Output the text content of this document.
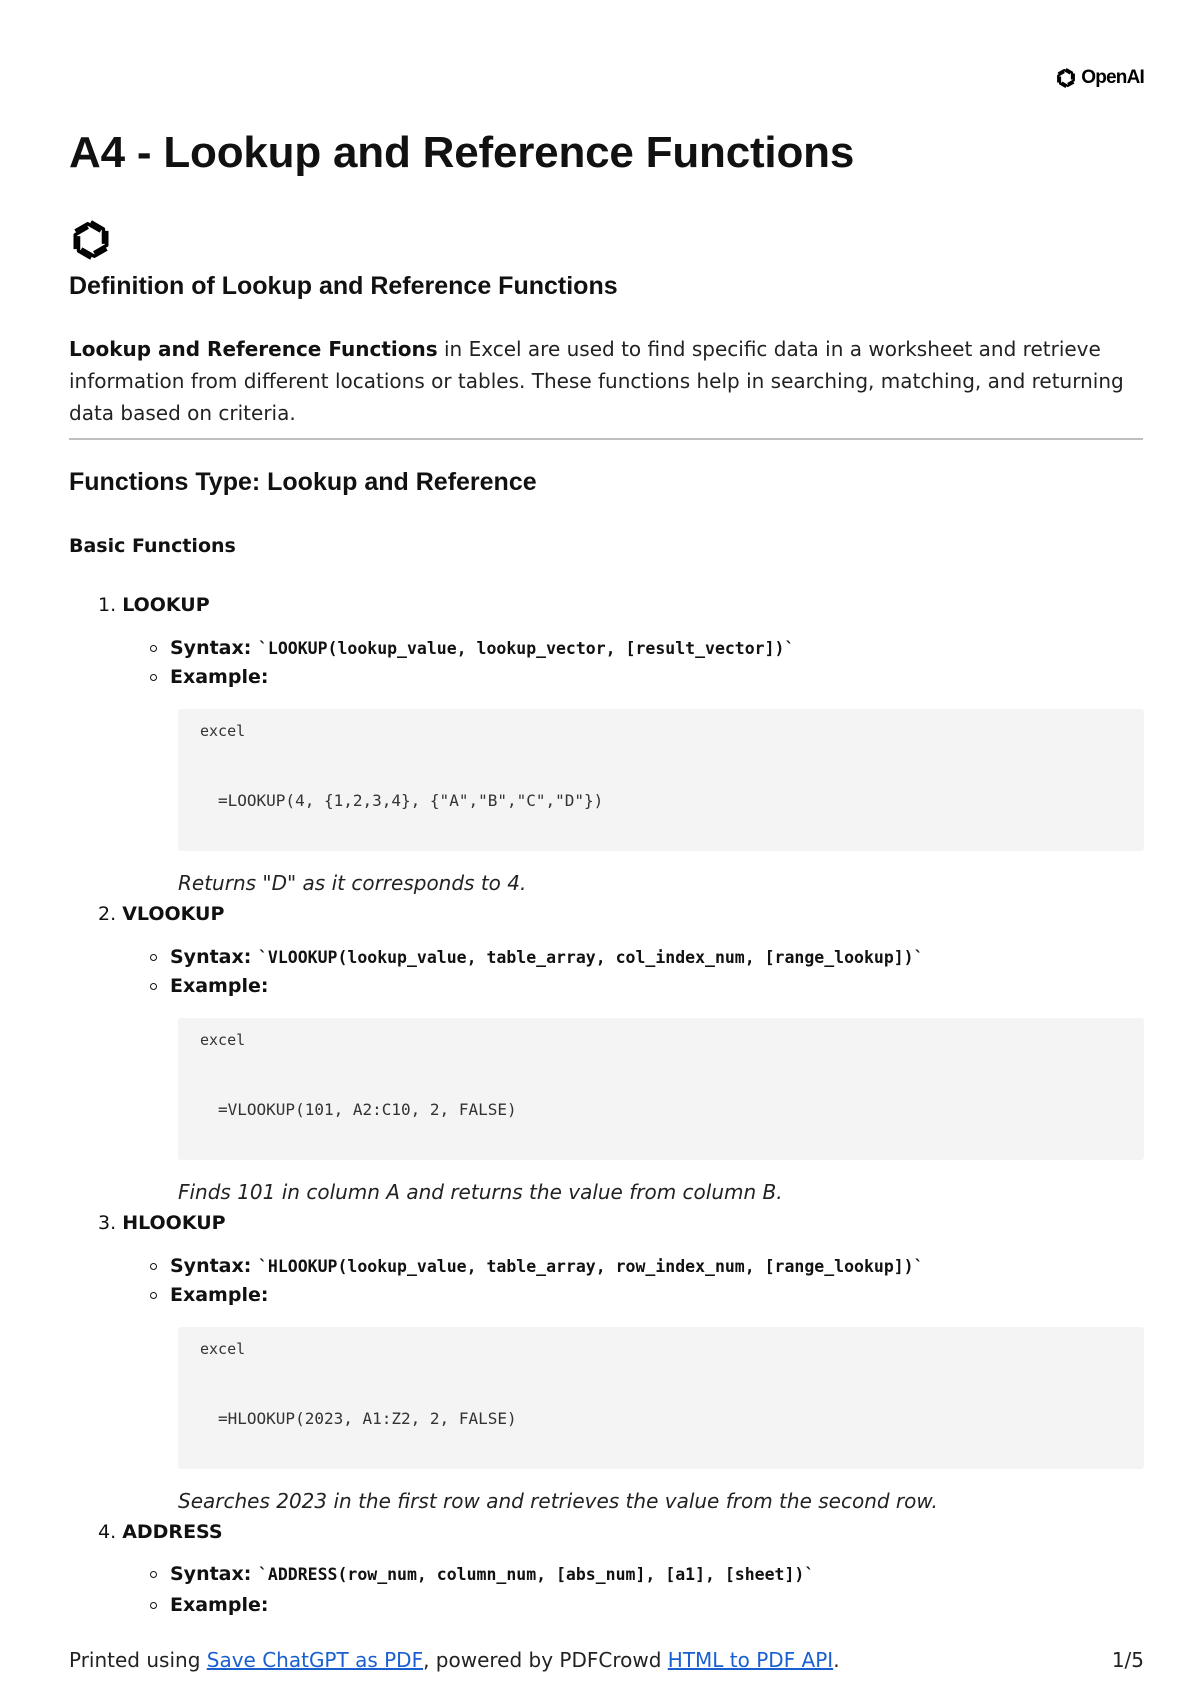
OpenAI
A4 - Lookup and Reference Functions
Definition of Lookup and Reference Functions

Lookup and Reference Functions in Excel are used to find specific data in a worksheet and retrieve information from different locations or tables. These functions help in searching, matching, and returning data based on criteria.

Functions Type: Lookup and Reference
Basic Functions
1. LOOKUP
Syntax : `LOOKUP(lookup_value, lookup_vector, [result_vector])`
Example :
excel
=LOOKUP(4, {1,2,3,4}, {"A","B","C","D"})
Returns "D" as it corresponds to 4.
2. VLOOKUP
Syntax : `VLOOKUP(lookup_value, table_array, col_index_num, [range_lookup])`
Example :
excel
=VLOOKUP(101, A2:C10, 2, FALSE)
Finds 101 in column A and returns the value from column B.
3. HLOOKUP
Syntax : `HLOOKUP(lookup_value, table_array, row_index_num, [range_lookup])`
Example :
excel
=HLOOKUP(2023, A1:Z2, 2, FALSE)
Searches 2023 in the first row and retrieves the value from the second row.
4. ADDRESS
Syntax : `ADDRESS(row_num, column_num, [abs_num], [a1], [sheet])`
Example :
Printed using Save ChatGPT as PDF, powered by PDFCrowd HTML to PDF API.	1/5
